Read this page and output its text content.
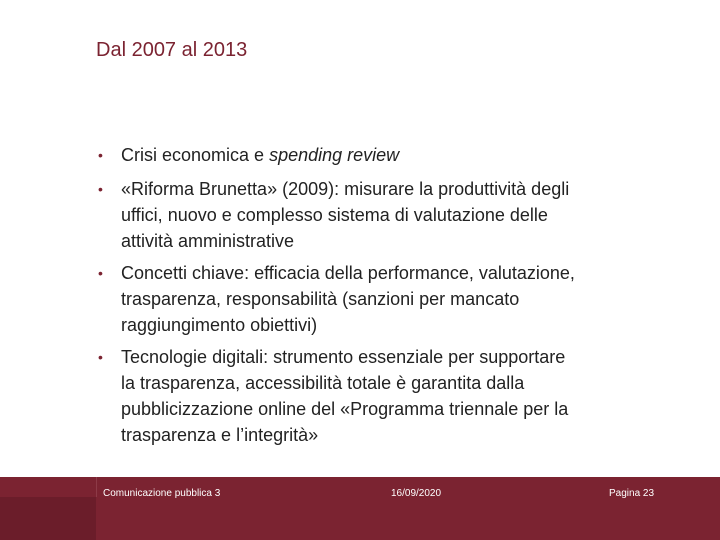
Dal 2007 al 2013
• Crisi economica e spending review

• «Riforma Brunetta» (2009): misurare la produttività degli
uffici, nuovo e complesso sistema di valutazione delle
attività amministrative

• Concetti chiave: efficacia della performance, valutazione,
trasparenza, responsabilità (sanzioni per mancato
raggiungimento obiettivi)

• Tecnologie digitali: strumento essenziale per supportare
la trasparenza, accessibilità totale è garantita dalla
pubblicizzazione online del «Programma triennale per la
trasparenza e l’integrità»

Comunicazione pubblica 3	16/09/2020	Pagina 23
